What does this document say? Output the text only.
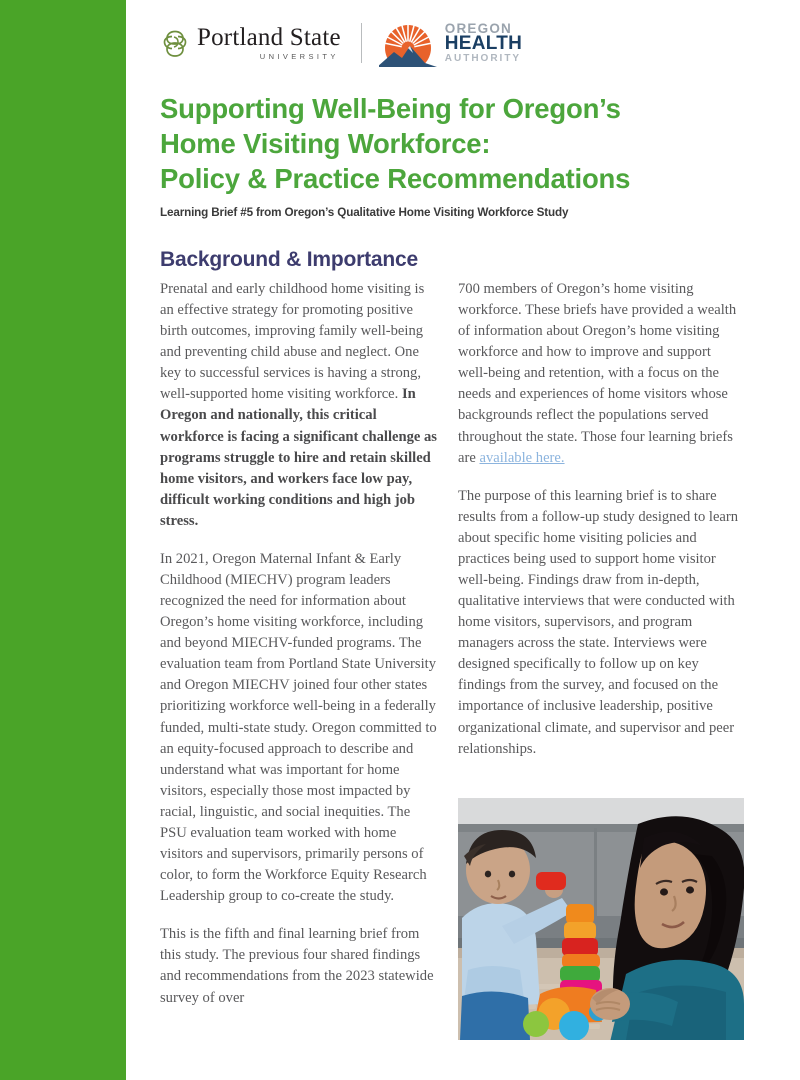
Portland State
UNIVERSITY
OREGON
HEALTH
AUTHORITY
Supporting Well-Being for Oregon’s
Home Visiting Workforce:
Policy & Practice Recommendations
Learning Brief #5 from Oregon’s Qualitative Home Visiting Workforce Study
Background & Importance

Prenatal and early childhood home visiting is an effective strategy for promoting positive birth outcomes, improving family well-being and preventing child abuse and neglect. One key to successful services is having a strong, well-supported home visiting workforce. In Oregon and nationally, this critical workforce is facing a significant challenge as programs struggle to hire and retain skilled home visitors, and workers face low pay, difficult working conditions and high job stress.

In 2021, Oregon Maternal Infant & Early Childhood (MIECHV) program leaders recognized the need for information about Oregon’s home visiting workforce, including and beyond MIECHV-funded programs. The evaluation team from Portland State University and Oregon MIECHV joined four other states prioritizing workforce well-being in a federally funded, multi-state study. Oregon committed to an equity-focused approach to describe and understand what was important for home visitors, especially those most impacted by racial, linguistic, and social inequities. The PSU evaluation team worked with home visitors and supervisors, primarily persons of color, to form the Workforce Equity Research Leadership group to co-create the study.

This is the fifth and final learning brief from this study. The previous four shared findings and recommendations from the 2023 statewide survey of over

700 members of Oregon’s home visiting workforce. These briefs have provided a wealth of information about Oregon’s home visiting workforce and how to improve and support well-being and retention, with a focus on the needs and experiences of home visitors whose backgrounds reflect the populations served throughout the state. Those four learning briefs are available here.

The purpose of this learning brief is to share results from a follow-up study designed to learn about specific home visiting policies and practices being used to support home visitor well-being. Findings draw from in-depth, qualitative interviews that were conducted with home visitors, supervisors, and program managers across the state. Interviews were designed specifically to follow up on key findings from the survey, and focused on the importance of inclusive leadership, positive organizational climate, and supervisor and peer relationships.
